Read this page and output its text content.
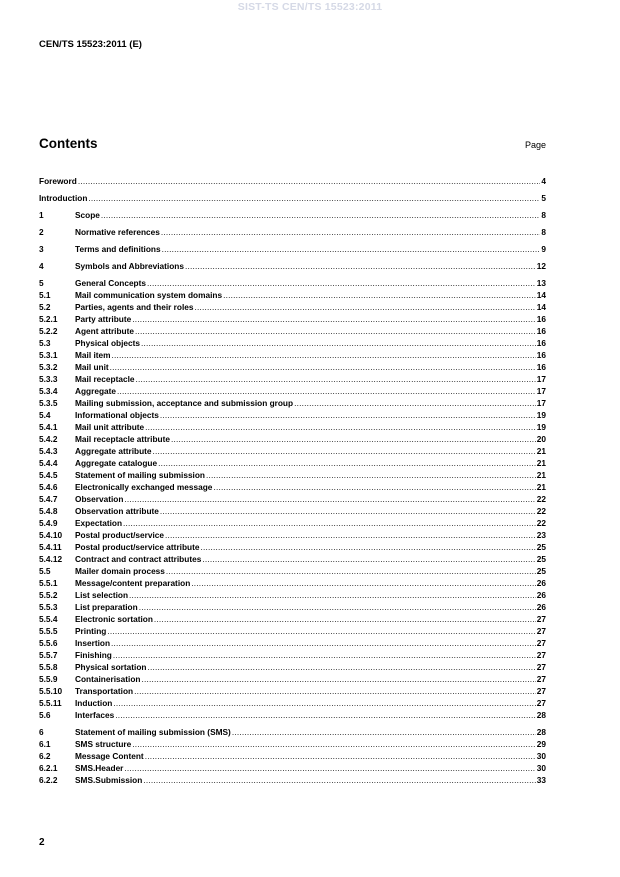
SIST-TS CEN/TS 15523:2011
CEN/TS 15523:2011 (E)
Contents	Page
Foreword .....	4
Introduction .....	5
1	Scope .....	8
2	Normative references .....	8
3	Terms and definitions .....	9
4	Symbols and Abbreviations .....	12
5	General Concepts .....	13
5.1	Mail communication system domains .....	14
5.2	Parties, agents and their roles .....	14
5.2.1	Party attribute .....	16
5.2.2	Agent attribute .....	16
5.3	Physical objects .....	16
5.3.1	Mail item .....	16
5.3.2	Mail unit .....	16
5.3.3	Mail receptacle .....	17
5.3.4	Aggregate .....	17
5.3.5	Mailing submission, acceptance and submission group .....	17
5.4	Informational objects .....	19
5.4.1	Mail unit attribute .....	19
5.4.2	Mail receptacle attribute .....	20
5.4.3	Aggregate attribute .....	21
5.4.4	Aggregate catalogue .....	21
5.4.5	Statement of mailing submission .....	21
5.4.6	Electronically exchanged message .....	21
5.4.7	Observation .....	22
5.4.8	Observation attribute .....	22
5.4.9	Expectation .....	22
5.4.10	Postal product/service .....	23
5.4.11	Postal product/service attribute .....	25
5.4.12	Contract and contract attributes .....	25
5.5	Mailer domain process .....	25
5.5.1	Message/content preparation .....	26
5.5.2	List selection .....	26
5.5.3	List preparation .....	26
5.5.4	Electronic sortation .....	27
5.5.5	Printing .....	27
5.5.6	Insertion .....	27
5.5.7	Finishing .....	27
5.5.8	Physical sortation .....	27
5.5.9	Containerisation .....	27
5.5.10	Transportation .....	27
5.5.11	Induction .....	27
5.6	Interfaces .....	28
6	Statement of mailing submission (SMS) .....	28
6.1	SMS structure .....	29
6.2	Message Content .....	30
6.2.1	SMS.Header .....	30
6.2.2	SMS.Submission .....	33
2
